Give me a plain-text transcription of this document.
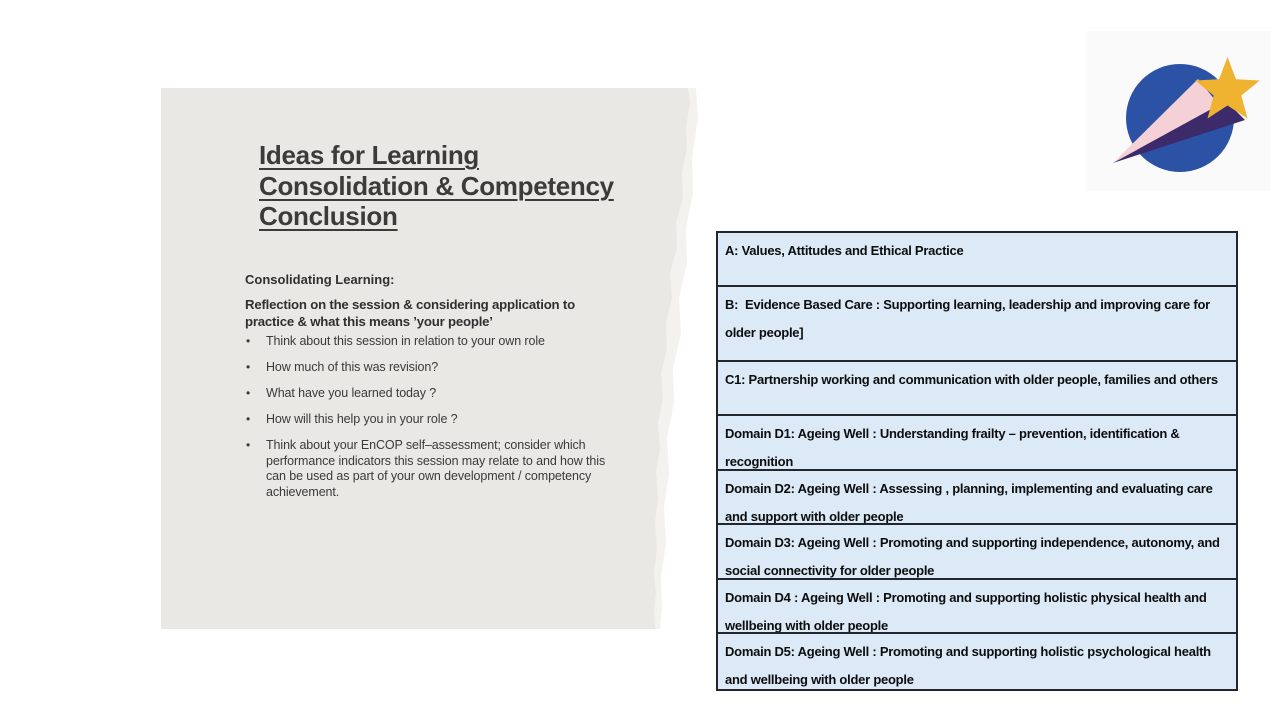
Ideas for Learning
Consolidation & Competency
Conclusion
Consolidating Learning:
Reflection on the session & considering application to practice & what this means ’your people’
•	Think about this session in relation to your own role
•	How much of this was revision?
•	What have you learned today ?
•	How will this help you in your role ?
•	Think about your EnCOP self–assessment; consider which performance indicators this session may relate to and how this can be used as part of your own development / competency achievement.
A: Values, Attitudes and Ethical Practice
B:  Evidence Based Care : Supporting learning, leadership and improving care for older people]
C1: Partnership working and communication with older people, families and others
Domain D1: Ageing Well : Understanding frailty – prevention, identification & recognition
Domain D2: Ageing Well : Assessing , planning, implementing and evaluating care and support with older people
Domain D3: Ageing Well : Promoting and supporting independence, autonomy, and social connectivity for older people
Domain D4 : Ageing Well : Promoting and supporting holistic physical health and wellbeing with older people
Domain D5: Ageing Well : Promoting and supporting holistic psychological health and wellbeing with older people
